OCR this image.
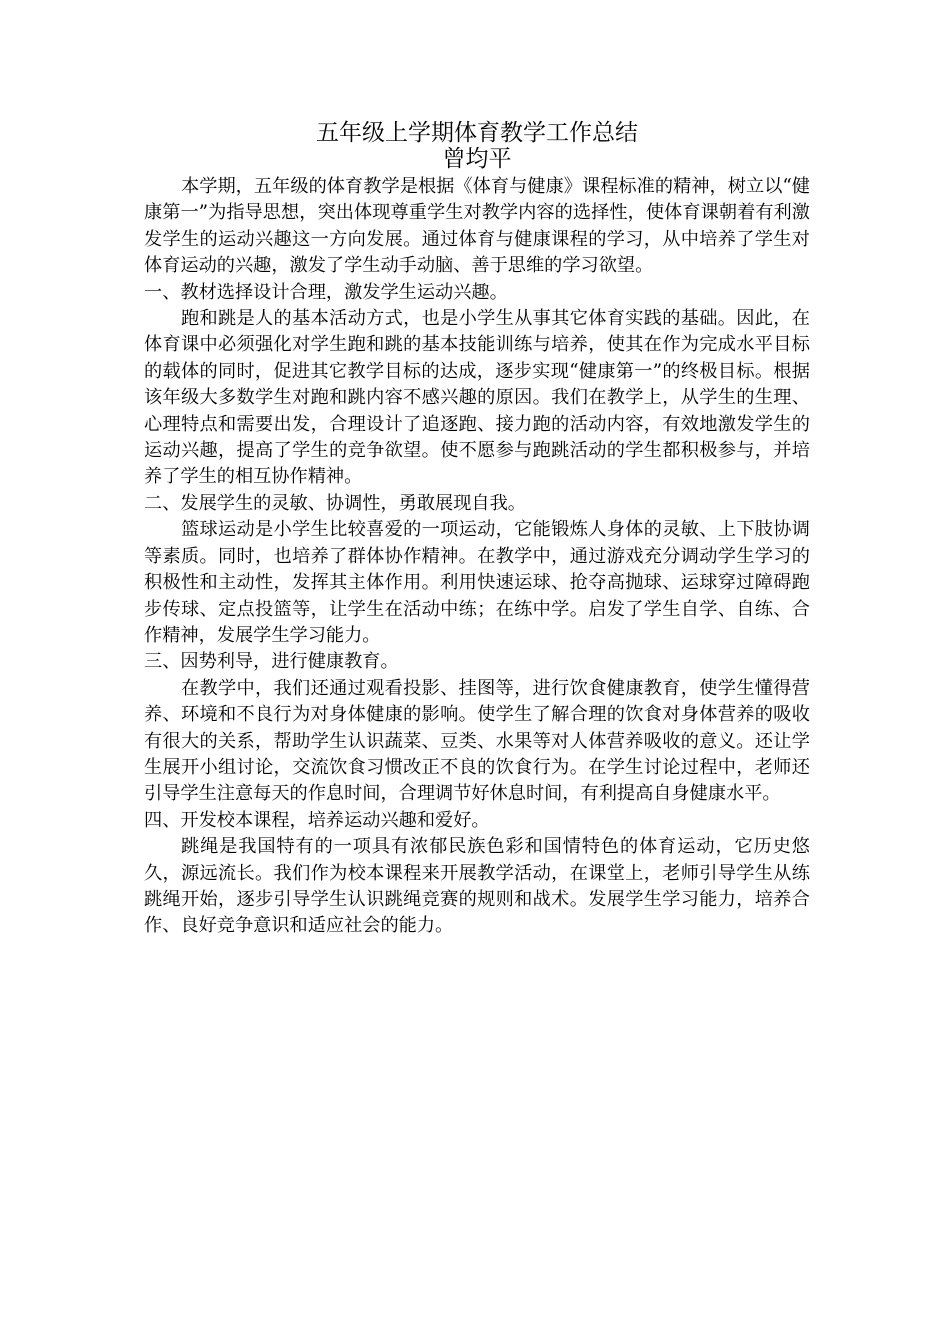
五年级上学期体育教学工作总结
曾均平

本学期，五年级的体育教学是根据《体育与健康》课程标准的精神，树立以“健康第一”为指导思想，突出体现尊重学生对教学内容的选择性，使体育课朝着有利激发学生的运动兴趣这一方向发展。通过体育与健康课程的学习，从中培养了学生对体育运动的兴趣，激发了学生动手动脑、善于思维的学习欲望。

一、教材选择设计合理，激发学生运动兴趣。

跑和跳是人的基本活动方式，也是小学生从事其它体育实践的基础。因此，在体育课中必须强化对学生跑和跳的基本技能训练与培养，使其在作为完成水平目标的载体的同时，促进其它教学目标的达成，逐步实现“健康第一”的终极目标。根据该年级大多数学生对跑和跳内容不感兴趣的原因。我们在教学上，从学生的生理、心理特点和需要出发，合理设计了追逐跑、接力跑的活动内容，有效地激发学生的运动兴趣，提高了学生的竞争欲望。使不愿参与跑跳活动的学生都积极参与，并培养了学生的相互协作精神。

二、发展学生的灵敏、协调性，勇敢展现自我。

篮球运动是小学生比较喜爱的一项运动，它能锻炼人身体的灵敏、上下肢协调等素质。同时，也培养了群体协作精神。在教学中，通过游戏充分调动学生学习的积极性和主动性，发挥其主体作用。利用快速运球、抢夺高抛球、运球穿过障碍跑步传球、定点投篮等，让学生在活动中练；在练中学。启发了学生自学、自练、合作精神，发展学生学习能力。

三、因势利导，进行健康教育。

在教学中，我们还通过观看投影、挂图等，进行饮食健康教育，使学生懂得营养、环境和不良行为对身体健康的影响。使学生了解合理的饮食对身体营养的吸收有很大的关系，帮助学生认识蔬菜、豆类、水果等对人体营养吸收的意义。还让学生展开小组讨论，交流饮食习惯改正不良的饮食行为。在学生讨论过程中，老师还引导学生注意每天的作息时间，合理调节好休息时间，有利提高自身健康水平。

四、开发校本课程，培养运动兴趣和爱好。

跳绳是我国特有的一项具有浓郁民族色彩和国情特色的体育运动，它历史悠久，源远流长。我们作为校本课程来开展教学活动，在课堂上，老师引导学生从练跳绳开始，逐步引导学生认识跳绳竞赛的规则和战术。发展学生学习能力，培养合作、良好竞争意识和适应社会的能力。
